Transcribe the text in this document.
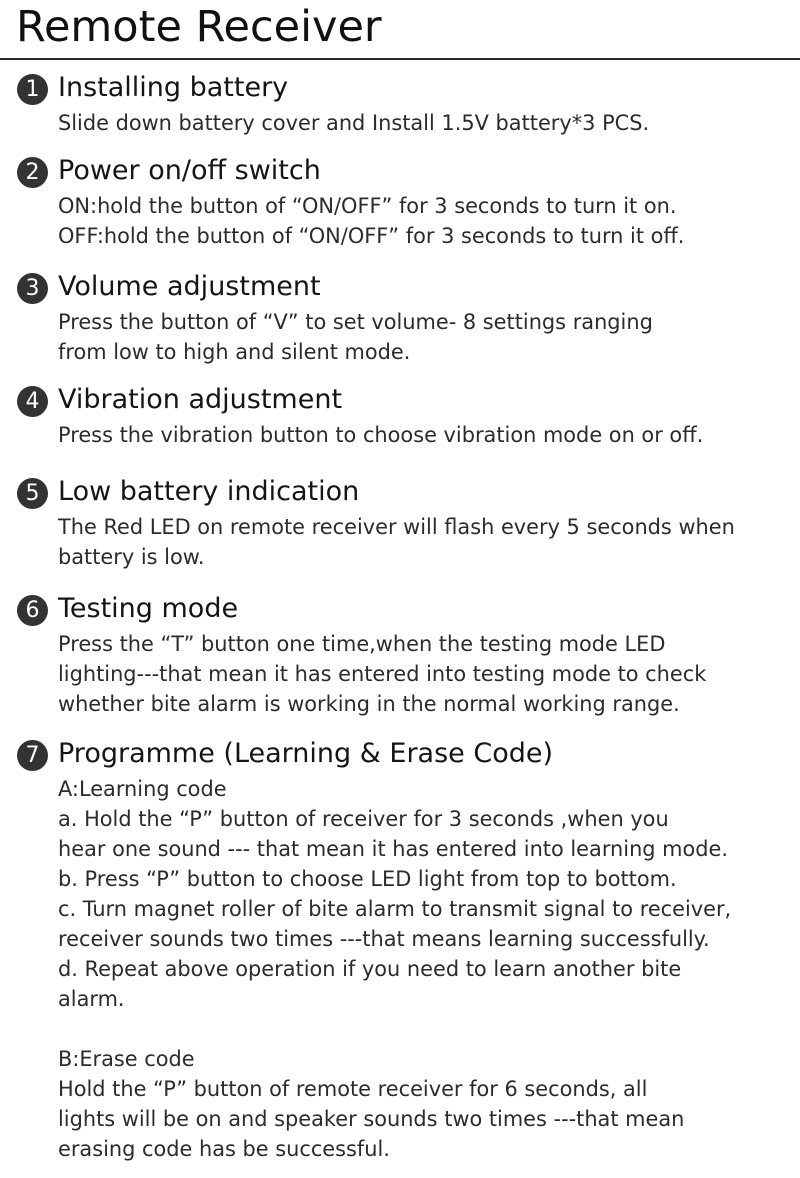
Remote Receiver
1 Installing battery
Slide down battery cover and Install 1.5V battery*3 PCS.
2 Power on/off switch
ON:hold the button of “ON/OFF” for 3 seconds to turn it on.
OFF:hold the button of “ON/OFF” for 3 seconds to turn it off.
3 Volume adjustment
Press the button of “V” to set volume- 8 settings ranging
from low to high and silent mode.
4 Vibration adjustment
Press the vibration button to choose vibration mode on or off.
5 Low battery indication
The Red LED on remote receiver will flash every 5 seconds when
battery is low.
6 Testing mode
Press the “T” button one time,when the testing mode LED
lighting---that mean it has entered into testing mode to check
whether bite alarm is working in the normal working range.
7 Programme (Learning & Erase Code)
A:Learning code
a. Hold the “P” button of receiver for 3 seconds ,when you
hear one sound --- that mean it has entered into learning mode.
b. Press “P” button to choose LED light from top to bottom.
c. Turn magnet roller of bite alarm to transmit signal to receiver,
receiver sounds two times ---that means learning successfully.
d. Repeat above operation if you need to learn another bite
alarm.
B:Erase code
Hold the “P” button of remote receiver for 6 seconds, all
lights will be on and speaker sounds two times ---that mean
erasing code has be successful.
